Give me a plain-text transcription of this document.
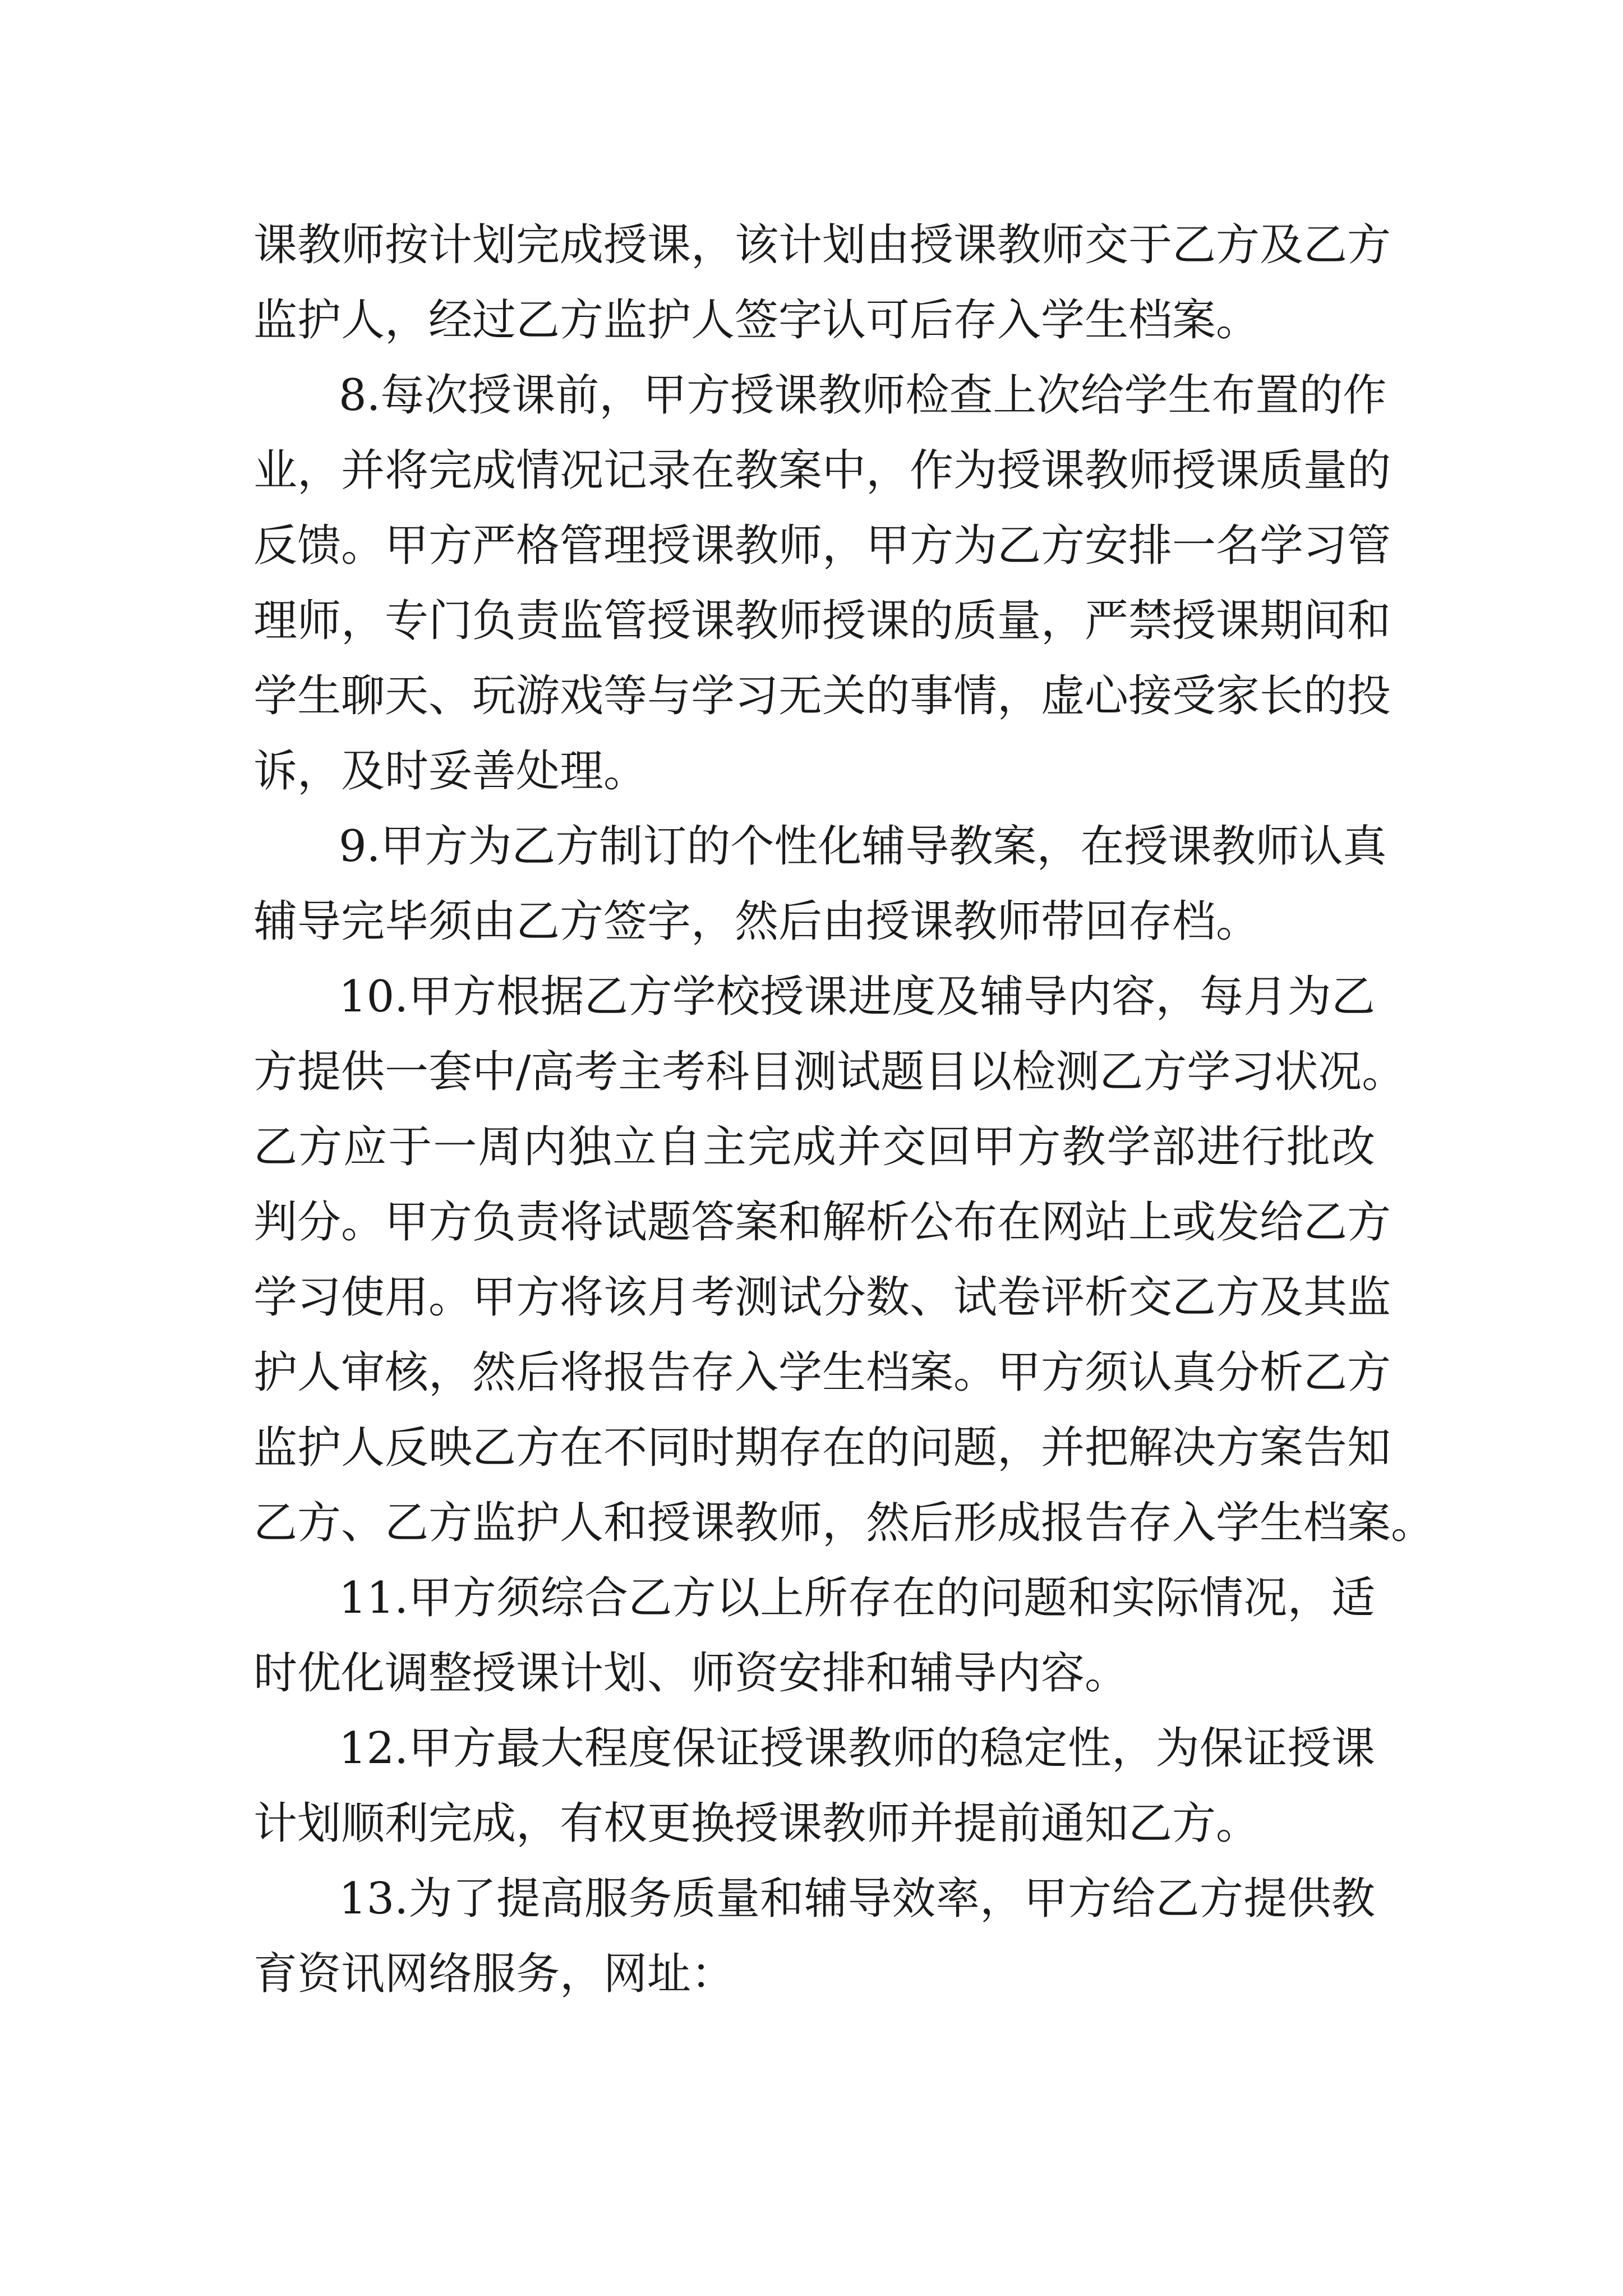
课教师按计划完成授课，该计划由授课教师交于乙方及乙方
监护人，经过乙方监护人签字认可后存入学生档案。
8.每次授课前，甲方授课教师检查上次给学生布置的作
业，并将完成情况记录在教案中，作为授课教师授课质量的
反馈。甲方严格管理授课教师，甲方为乙方安排一名学习管
理师，专门负责监管授课教师授课的质量，严禁授课期间和
学生聊天、玩游戏等与学习无关的事情，虚心接受家长的投
诉，及时妥善处理。
9.甲方为乙方制订的个性化辅导教案，在授课教师认真
辅导完毕须由乙方签字，然后由授课教师带回存档。
10.甲方根据乙方学校授课进度及辅导内容，每月为乙
方提供一套中/高考主考科目测试题目以检测乙方学习状况。
乙方应于一周内独立自主完成并交回甲方教学部进行批改
判分。甲方负责将试题答案和解析公布在网站上或发给乙方
学习使用。甲方将该月考测试分数、试卷评析交乙方及其监
护人审核，然后将报告存入学生档案。甲方须认真分析乙方
监护人反映乙方在不同时期存在的问题，并把解决方案告知
乙方、乙方监护人和授课教师，然后形成报告存入学生档案。
11.甲方须综合乙方以上所存在的问题和实际情况，适
时优化调整授课计划、师资安排和辅导内容。
12.甲方最大程度保证授课教师的稳定性，为保证授课
计划顺利完成，有权更换授课教师并提前通知乙方。
13.为了提高服务质量和辅导效率，甲方给乙方提供教
育资讯网络服务，网址：
